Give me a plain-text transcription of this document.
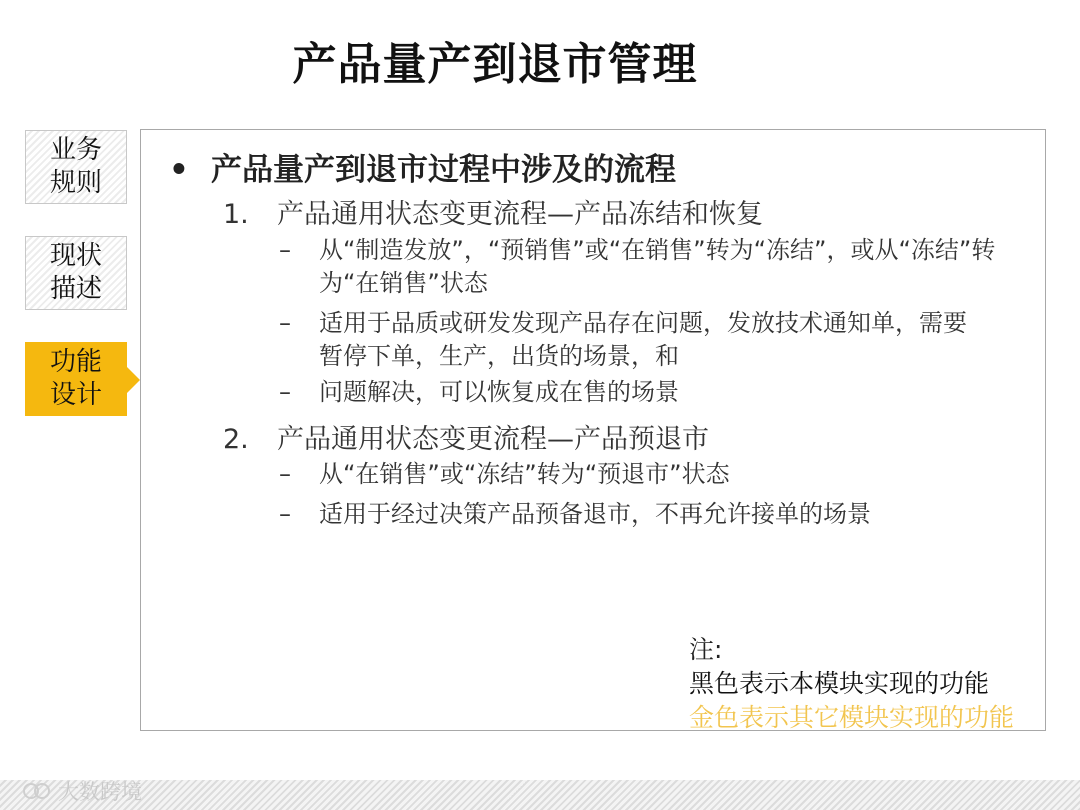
产品量产到退市管理
业务
规则
现状
描述
功能
设计
• 产品量产到退市过程中涉及的流程
1. 产品通用状态变更流程—产品冻结和恢复
–	从“制造发放”，“预销售”或“在销售”转为“冻结”，或从“冻结”转为“在销售”状态
–	适用于品质或研发发现产品存在问题，发放技术通知单，需要暂停下单，生产，出货的场景，和
–	问题解决，可以恢复成在售的场景
2. 产品通用状态变更流程—产品预退市
–	从“在销售”或“冻结”转为“预退市”状态
–	适用于经过决策产品预备退市，不再允许接单的场景
注:
黑色表示本模块实现的功能
金色表示其它模块实现的功能
大数跨境
